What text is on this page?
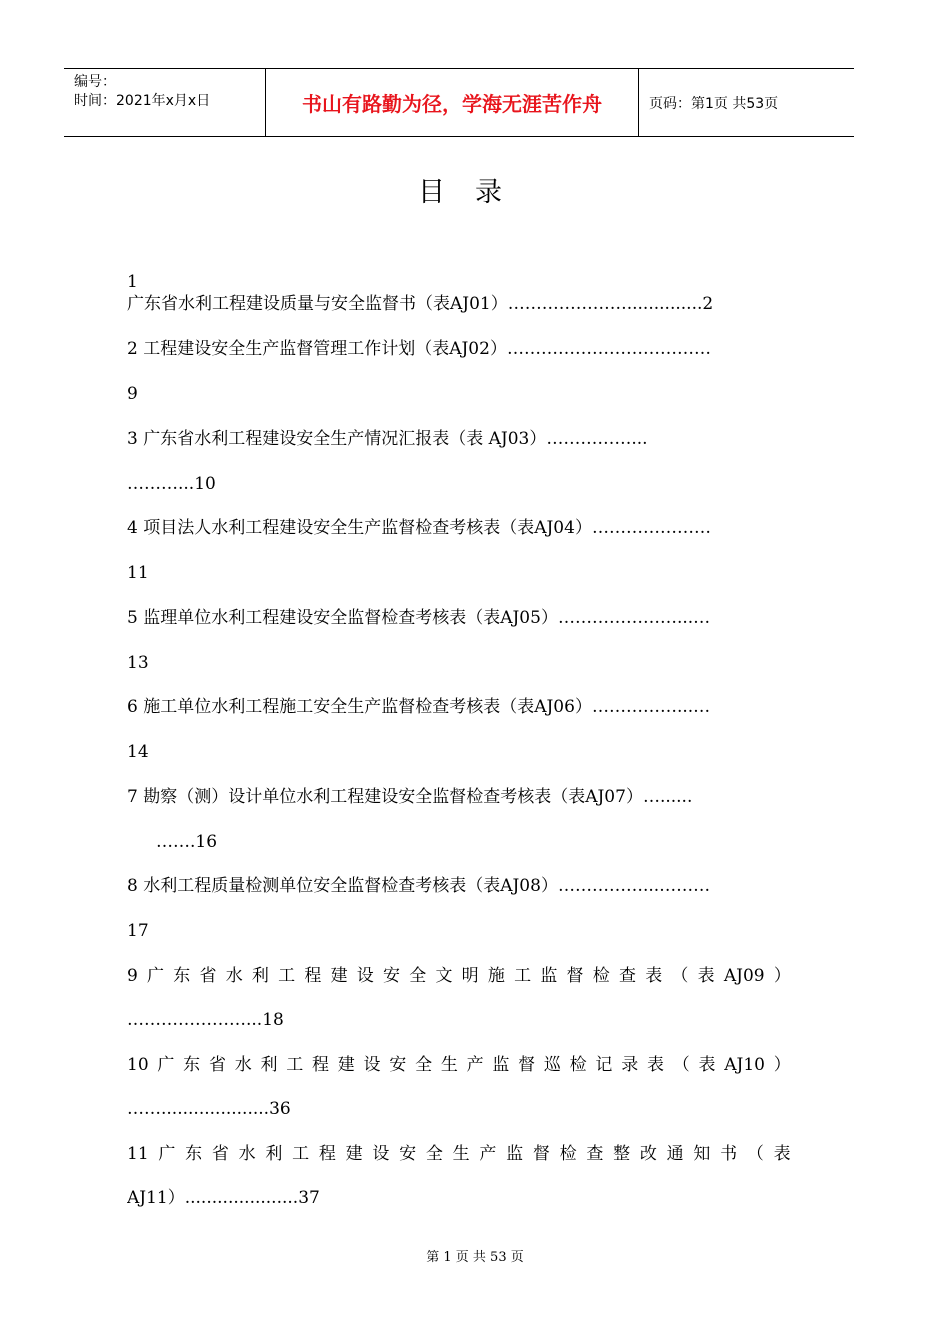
编号：
时间：2021年x月x日	书山有路勤为径，学海无涯苦作舟	页码：第1页 共53页
目录
1
广东省水利工程建设质量与安全监督书（表AJ01）…………………..............2
2 工程建设安全生产监督管理工作计划（表AJ02）………………………………
9
3 广东省水利工程建设安全生产情况汇报表（表 AJ03）……………...
………...10
4 项目法人水利工程建设安全生产监督检查考核表（表AJ04）…………………
11
5 监理单位水利工程建设安全监督检查考核表（表AJ05）…………………...…
13
6 施工单位水利工程施工安全生产监督检查考核表（表AJ06）……………...…
14
7 勘察（测）设计单位水利工程建设安全监督检查考核表（表AJ07）…......
…….16
8 水利工程质量检测单位安全监督检查考核表（表AJ08）……………...………
17
9 广 东 省 水 利 工 程 建 设 安 全 文 明 施 工 监 督 检 查 表 （ 表 AJ09 ）
…………………...18
10 广 东 省 水 利 工 程 建 设 安 全 生 产 监 督 巡 检 记 录 表 （ 表 AJ10 ）
……....................36
11 广 东 省 水 利 工 程 建 设 安 全 生 产 监 督 检 查 整 改 通 知 书 （ 表
AJ11）.....................37
第 1 页 共 53 页
